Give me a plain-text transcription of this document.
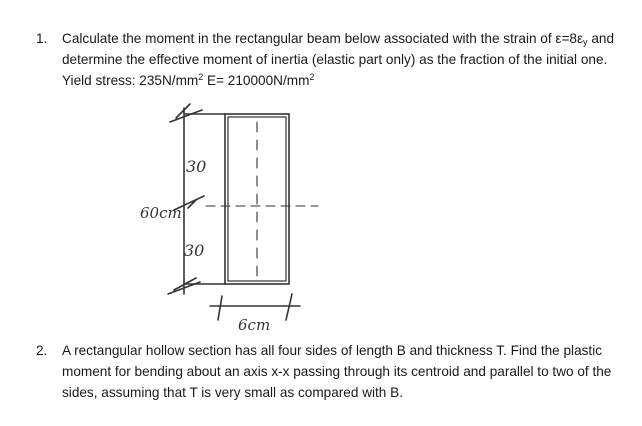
1. Calculate the moment in the rectangular beam below associated with the strain of $\varepsilon=8\varepsilon_y$ and
determine the effective moment of inertia (elastic part only) as the fraction of the initial one.
Yield stress: $235N/mm^2$ $E= 210000N/mm^2$
30
30
60cm
6cm
2. A rectangular hollow section has all four sides of length B and thickness T. Find the plastic
moment for bending about an axis x-x passing through its centroid and parallel to two of the
sides, assuming that T is very small as compared with B.
